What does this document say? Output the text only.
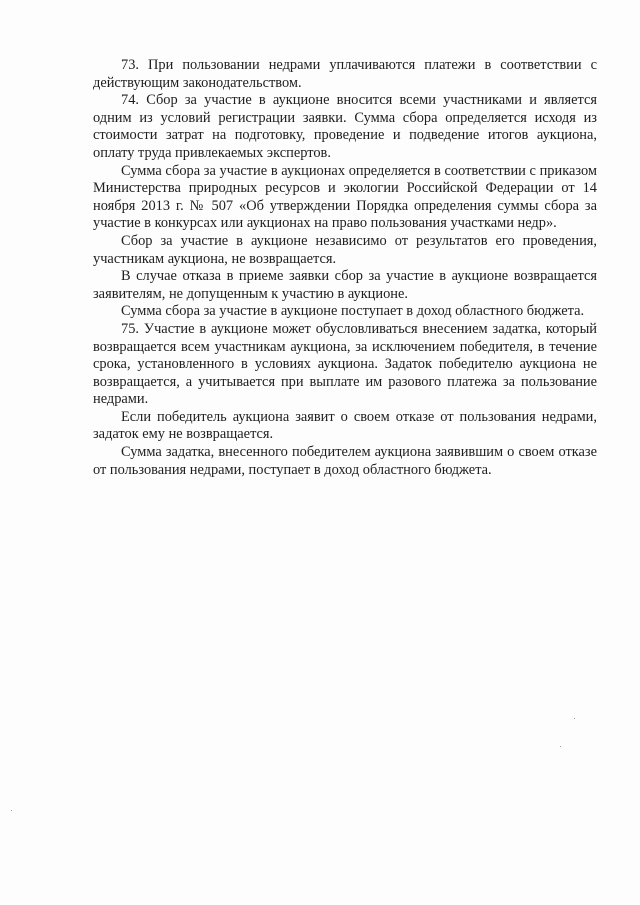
73. При пользовании недрами уплачиваются платежи в соответствии с действующим законодательством.

74. Сбор за участие в аукционе вносится всеми участниками и является одним из условий регистрации заявки. Сумма сбора определяется исходя из стоимости затрат на подготовку, проведение и подведение итогов аукциона, оплату труда привлекаемых экспертов.

Сумма сбора за участие в аукционах определяется в соответствии с приказом Министерства природных ресурсов и экологии Российской Федерации от 14 ноября 2013 г. № 507 «Об утверждении Порядка определения суммы сбора за участие в конкурсах или аукционах на право пользования участками недр».

Сбор за участие в аукционе независимо от результатов его проведения, участникам аукциона, не возвращается.

В случае отказа в приеме заявки сбор за участие в аукционе возвращается заявителям, не допущенным к участию в аукционе.

Сумма сбора за участие в аукционе поступает в доход областного бюджета.

75. Участие в аукционе может обусловливаться внесением задатка, который возвращается всем участникам аукциона, за исключением победителя, в течение срока, установленного в условиях аукциона. Задаток победителю аукциона не возвращается, а учитывается при выплате им разового платежа за пользование недрами.

Если победитель аукциона заявит о своем отказе от пользования недрами, задаток ему не возвращается.

Сумма задатка, внесенного победителем аукциона заявившим о своем отказе от пользования недрами, поступает в доход областного бюджета.
